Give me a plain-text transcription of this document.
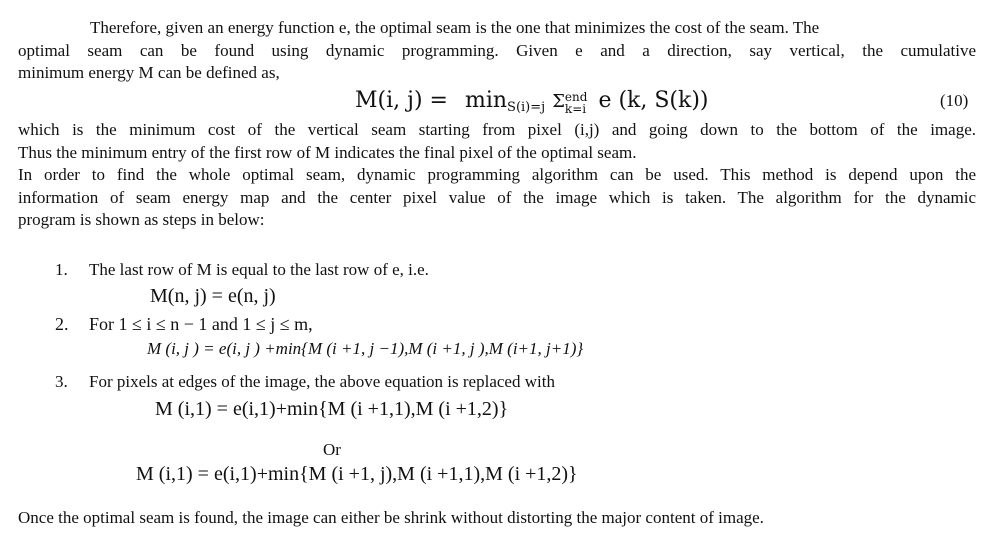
Therefore, given an energy function e, the optimal seam is the one that minimizes the cost of the seam. The
optimal seam can be found using dynamic programming. Given e and a direction, say vertical, the cumulative
minimum energy M can be defined as,
M(i, $j) = \min_{S(i)=j} \Sigma$ end
k=i e (k, S(k))	(10)
which is the minimum cost of the vertical seam starting from pixel (i,j) and going down to the bottom of the image.
Thus the minimum entry of the first row of M indicates the final pixel of the optimal seam.
In order to find the whole optimal seam, dynamic programming algorithm can be used. This method is depend upon the
information of seam energy map and the center pixel value of the image which is taken. The algorithm for the dynamic
program is shown as steps in below:
1. The last row of M is equal to the last row of e, i.e.
M(n, j) = e(n, j)
2. For 1 ≤ i ≤ n − 1 and 1 ≤ j ≤ m,
M (i, j ) = e(i, j ) +min{M (i +1, j −1),M (i +1, j ),M (i+1, j+1)}
3. For pixels at edges of the image, the above equation is replaced with
M (i,1) = e(i,1)+min{M (i +1,1),M (i +1,2)}
Or
M (i,1) = e(i,1)+min{M (i +1, j),M (i +1,1),M (i +1,2)}
Once the optimal seam is found, the image can either be shrink without distorting the major content of image.
